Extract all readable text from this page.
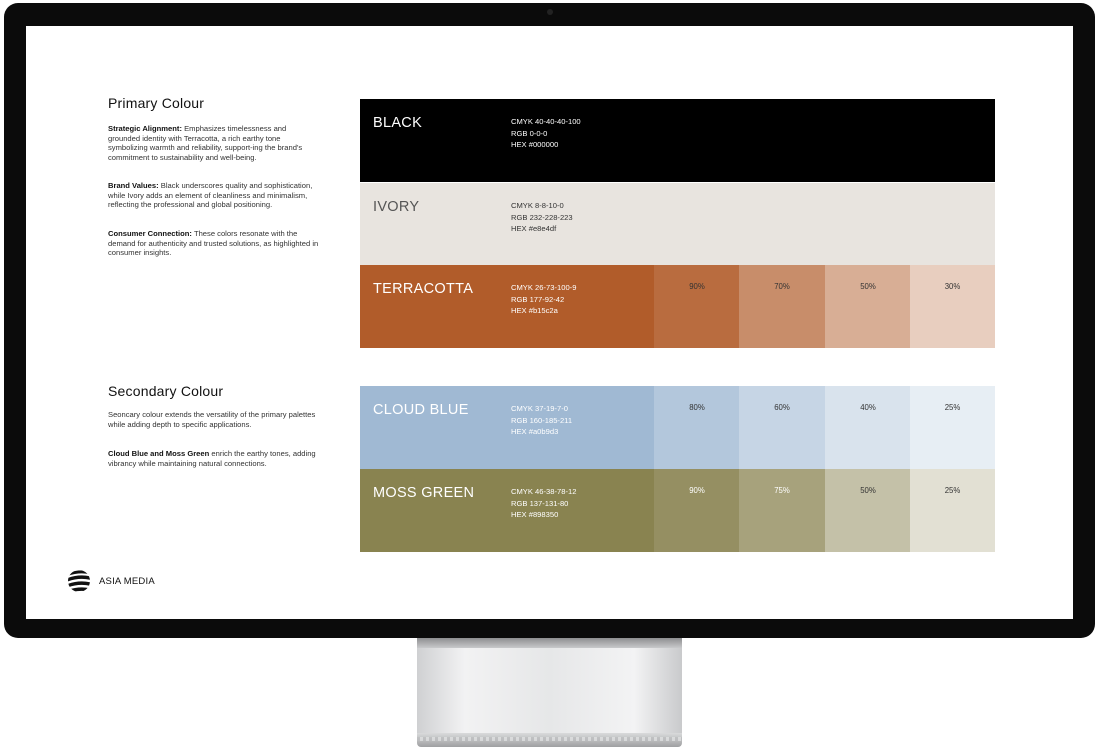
Primary Colour
Strategic Alignment: Emphasizes timelessness and grounded identity with Terracotta, a rich earthy tone symbolizing warmth and reliability, support-ing the brand's commitment to sustainability and well-being.
Brand Values: Black underscores quality and sophistication, while Ivory adds an element of cleanliness and minimalism, reflecting the professional and global positioning.
Consumer Connection: These colors resonate with the demand for authenticity and trusted solutions, as highlighted in consumer insights.
Secondary Colour
Seoncary colour extends the versatility of the primary palettes while adding depth to specific applications.
Cloud Blue and Moss Green enrich the earthy tones, adding vibrancy while maintaining natural connections.
BLACK	CMYK 40-40-40-100
RGB 0-0-0
HEX #000000
IVORY	CMYK 8-8-10-0
RGB 232-228-223
HEX #e8e4df
TERRACOTTA	CMYK 26-73-100-9
RGB 177-92-42
HEX #b15c2a
90%	70%	50%	30%
CLOUD BLUE	CMYK 37-19-7-0
RGB 160-185-211
HEX #a0b9d3
80%	60%	40%	25%
MOSS GREEN	CMYK 46-38-78-12
RGB 137-131-80
HEX #898350
90%	75%	50%	25%
ASIA MEDIA
